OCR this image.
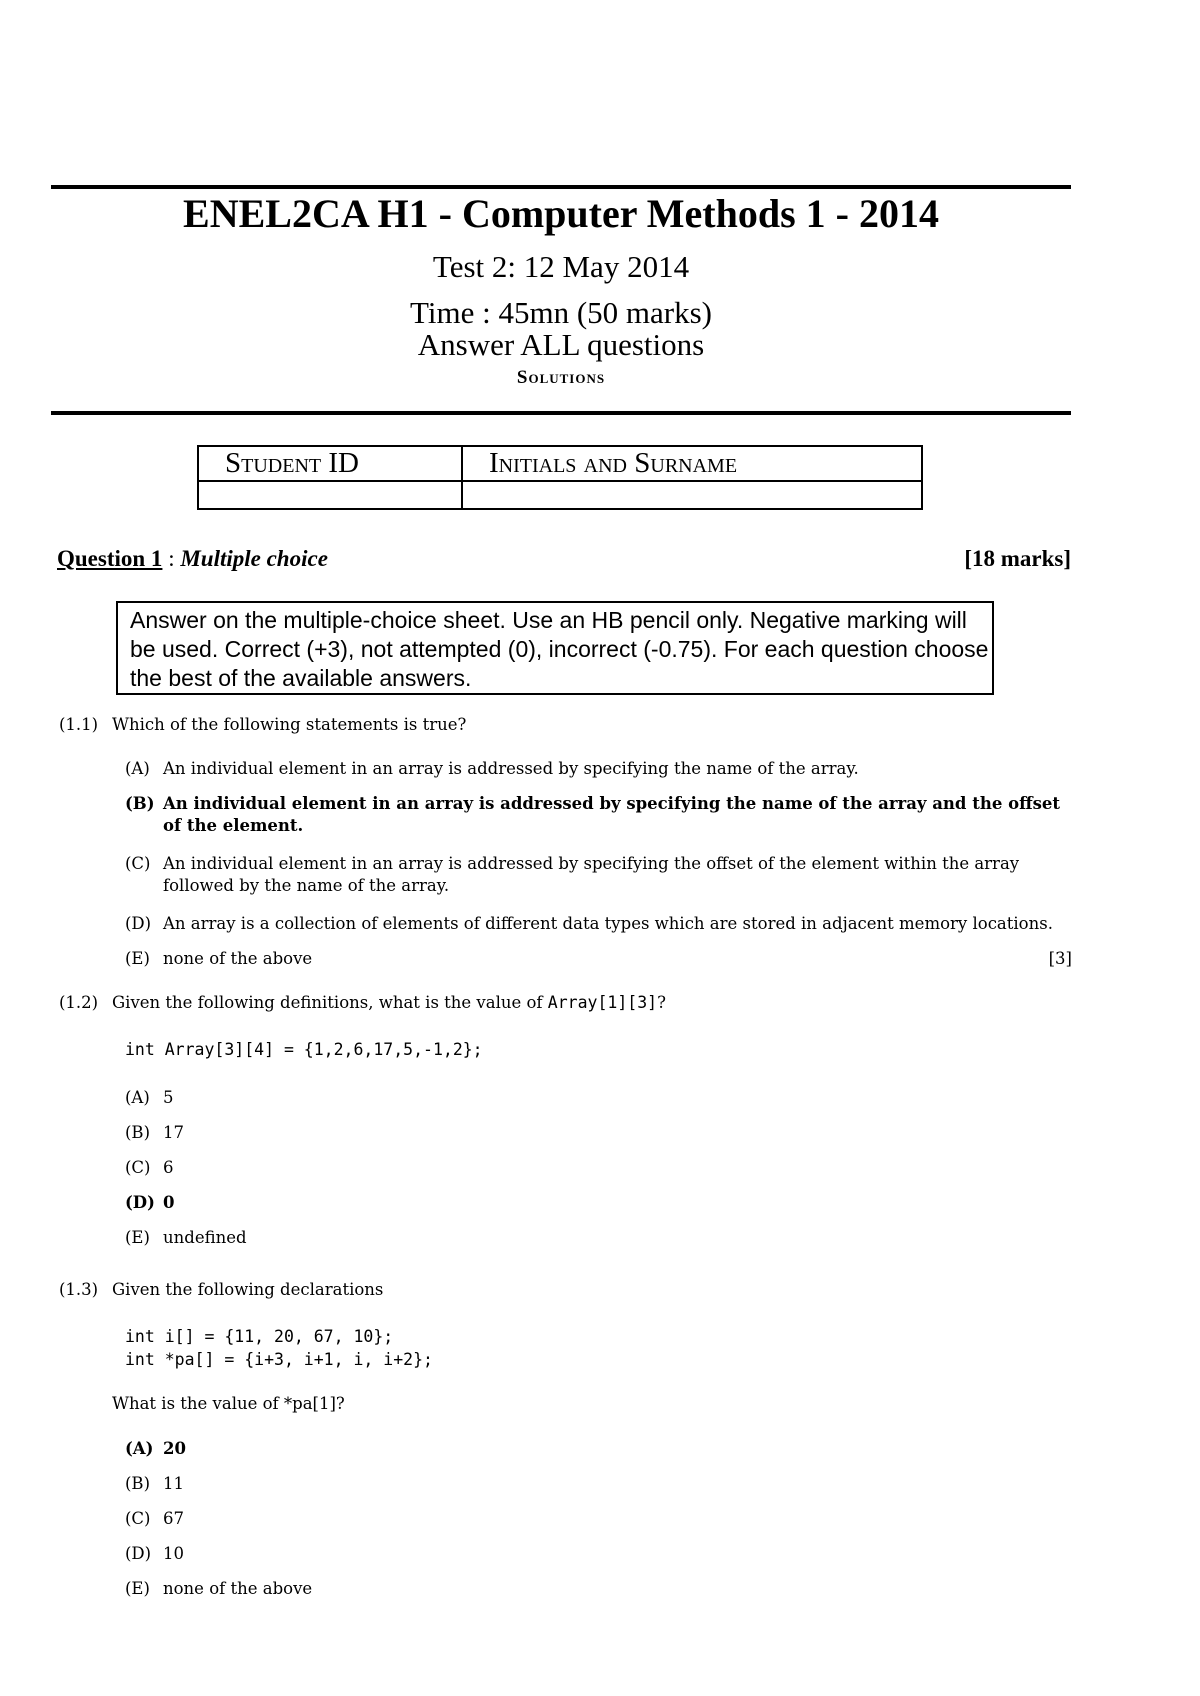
ENEL2CA H1 - Computer Methods 1 - 2014
Test 2: 12 May 2014
Time : 45mn (50 marks)
Answer ALL questions
Solutions
Student ID	Initials and Surname

Question 1 : Multiple choice	[18 marks]
Answer on the multiple-choice sheet. Use an HB pencil only. Negative marking will be used. Correct (+3), not attempted (0), incorrect (-0.75). For each question choose the best of the available answers.
(1.1) Which of the following statements is true?
(A) An individual element in an array is addressed by specifying the name of the array.
(B) An individual element in an array is addressed by specifying the name of the array and the offset of the element.
(C) An individual element in an array is addressed by specifying the offset of the element within the array followed by the name of the array.
(D) An array is a collection of elements of different data types which are stored in adjacent memory locations.
(E) none of the above	[3]
(1.2) Given the following definitions, what is the value of Array[1][3]?
int Array[3][4] = {1,2,6,17,5,-1,2};
(A) 5
(B) 17
(C) 6
(D) 0
(E) undefined
(1.3) Given the following declarations
int i[] = {11, 20, 67, 10};
int *pa[] = {i+3, i+1, i, i+2};
What is the value of *pa[1]?
(A) 20
(B) 11
(C) 67
(D) 10
(E) none of the above
